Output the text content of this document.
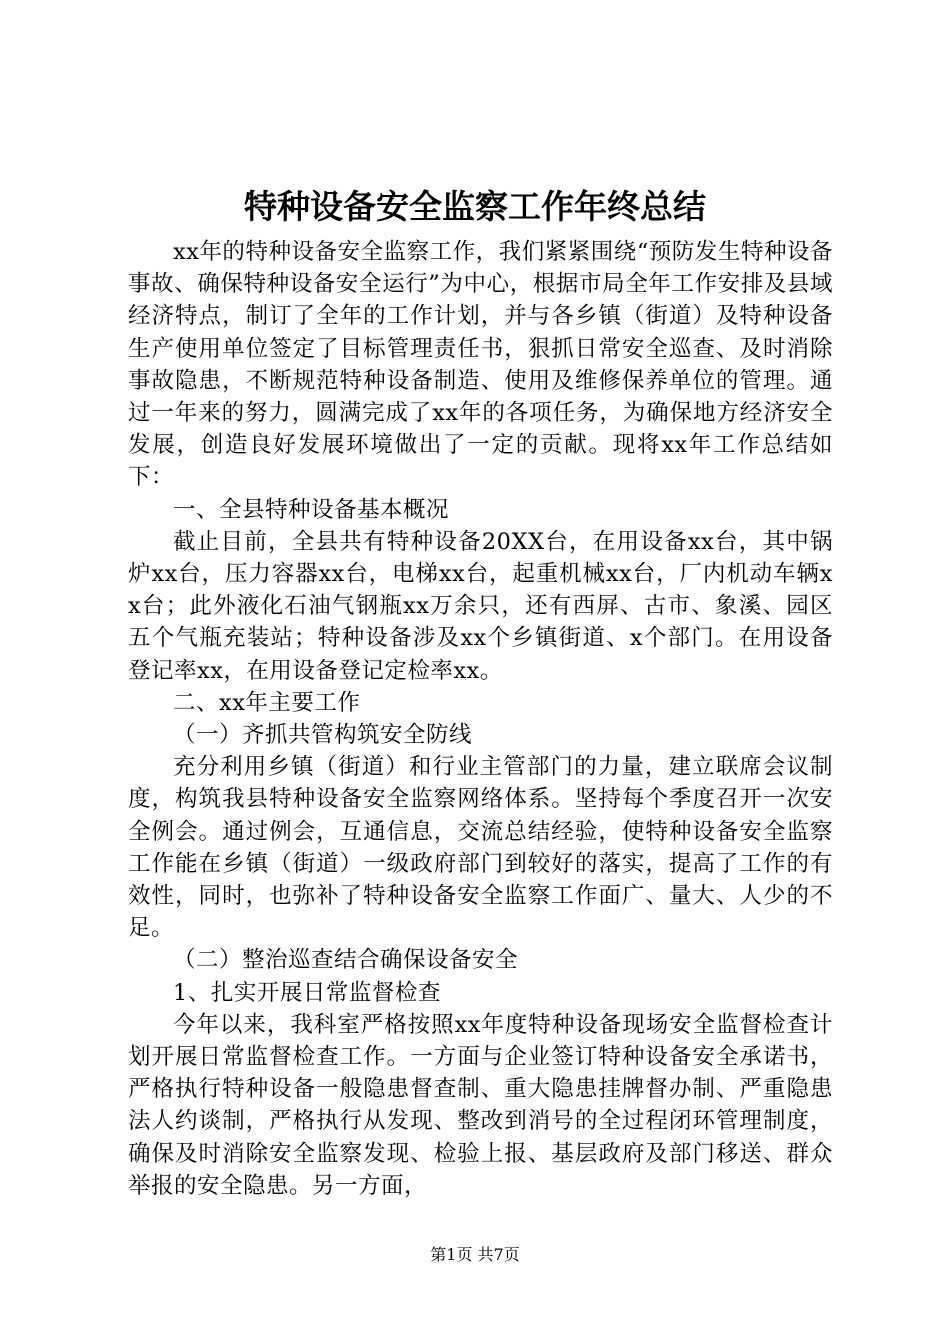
特种设备安全监察工作年终总结

xx年的特种设备安全监察工作，我们紧紧围绕“预防发生特种设备事故、确保特种设备安全运行”为中心，根据市局全年工作安排及县域经济特点，制订了全年的工作计划，并与各乡镇（街道）及特种设备生产使用单位签定了目标管理责任书，狠抓日常安全巡查、及时消除事故隐患，不断规范特种设备制造、使用及维修保养单位的管理。通过一年来的努力，圆满完成了xx年的各项任务，为确保地方经济安全发展，创造良好发展环境做出了一定的贡献。现将xx年工作总结如下：

一、全县特种设备基本概况

截止目前，全县共有特种设备20XX台，在用设备xx台，其中锅炉xx台，压力容器xx台，电梯xx台，起重机械xx台，厂内机动车辆xx台；此外液化石油气钢瓶xx万余只，还有西屏、古市、象溪、园区五个气瓶充装站；特种设备涉及xx个乡镇街道、x个部门。在用设备登记率xx，在用设备登记定检率xx。

二、xx年主要工作

（一）齐抓共管构筑安全防线

充分利用乡镇（街道）和行业主管部门的力量，建立联席会议制度，构筑我县特种设备安全监察网络体系。坚持每个季度召开一次安全例会。通过例会，互通信息，交流总结经验，使特种设备安全监察工作能在乡镇（街道）一级政府部门到较好的落实，提高了工作的有效性，同时，也弥补了特种设备安全监察工作面广、量大、人少的不足。

（二）整治巡查结合确保设备安全

1、扎实开展日常监督检查

今年以来，我科室严格按照xx年度特种设备现场安全监督检查计划开展日常监督检查工作。一方面与企业签订特种设备安全承诺书，严格执行特种设备一般隐患督查制、重大隐患挂牌督办制、严重隐患法人约谈制，严格执行从发现、整改到消号的全过程闭环管理制度，确保及时消除安全监察发现、检验上报、基层政府及部门移送、群众举报的安全隐患。另一方面，

第1页 共7页
